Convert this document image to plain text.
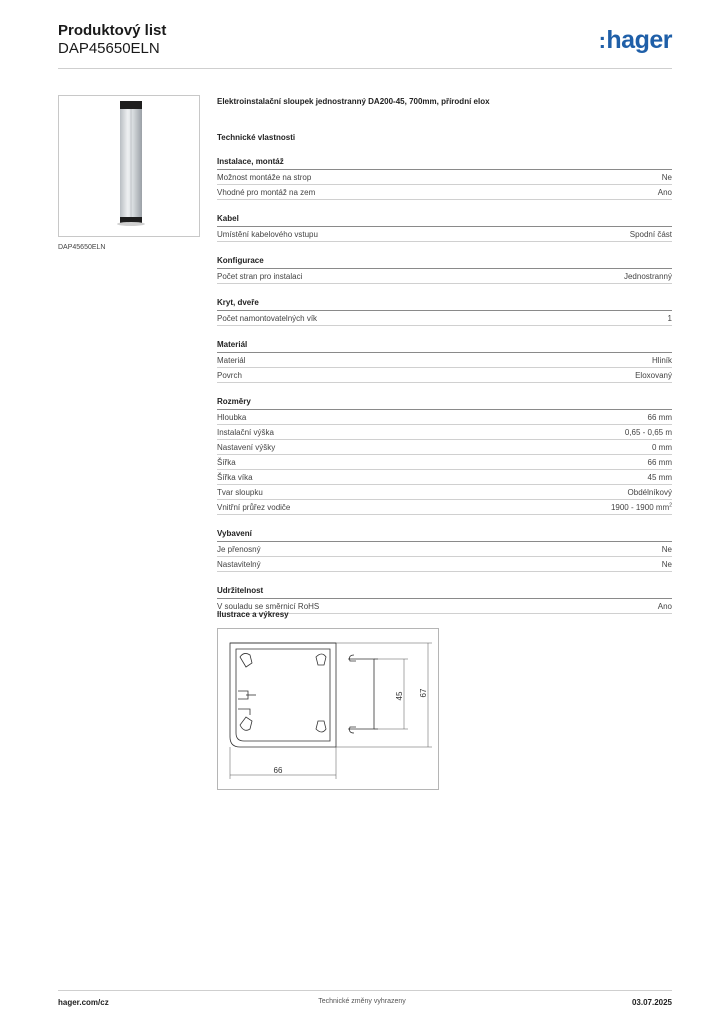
Produktový list
DAP45650ELN	:hager
DAP45650ELN
Elektroinstalační sloupek jednostranný DA200-45, 700mm, přírodní elox
Technické vlastnosti
Instalace, montáž
Možnost montáže na strop	Ne
Vhodné pro montáž na zem	Ano
Kabel
Umístění kabelového vstupu	Spodní část
Konfigurace
Počet stran pro instalaci	Jednostranný
Kryt, dveře
Počet namontovatelných vík	1
Materiál
Materiál	Hliník
Povrch	Eloxovaný
Rozměry
Hloubka	66 mm
Instalační výška	0,65 - 0,65 m
Nastavení výšky	0 mm
Šířka	66 mm
Šířka víka	45 mm
Tvar sloupku	Obdélníkový
Vnitřní průřez vodiče	1900 - 1900 $mm^2$
Vybavení
Je přenosný	Ne
Nastavitelný	Ne
Udržitelnost
V souladu se směrnicí RoHS	Ano
Ilustrace a výkresy
45 67
66
hager.com/cz	Technické změny vyhrazeny	03.07.2025
